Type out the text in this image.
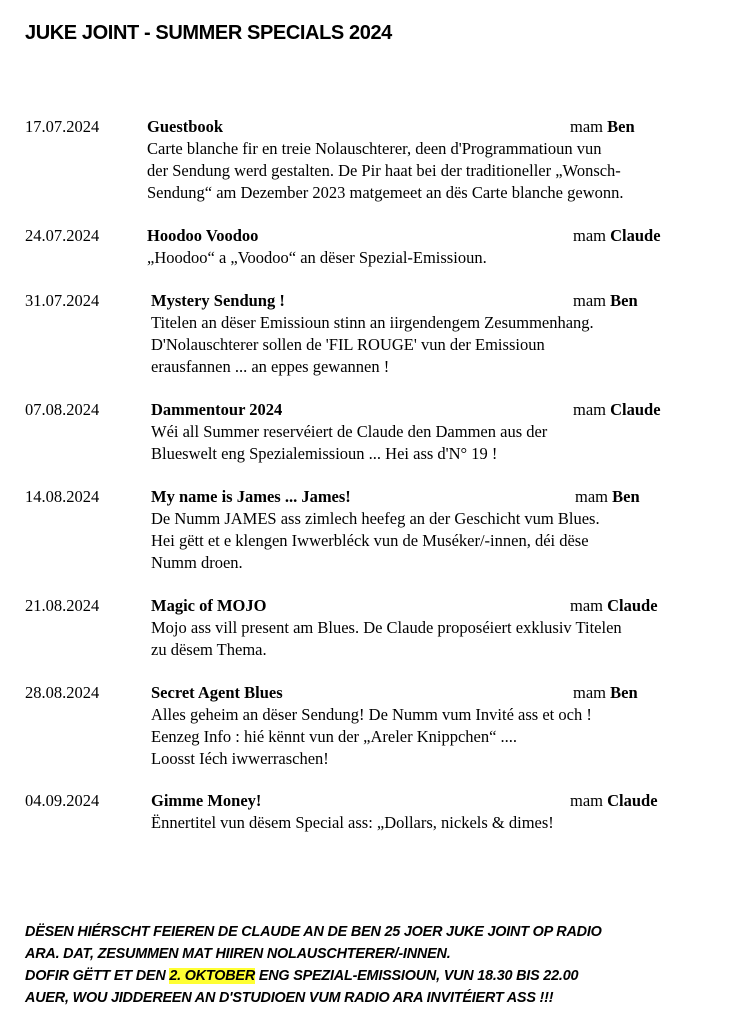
JUKE JOINT - SUMMER SPECIALS 2024
17.07.2024	Guestbook	mam Ben
Carte blanche fir en treie Nolauschterer, deen d'Programmatioun vun
der Sendung werd gestalten. De Pir haat bei der traditioneller „Wonsch-
Sendung“ am Dezember 2023 matgemeet an dës Carte blanche gewonn.
24.07.2024	Hoodoo Voodoo	mam Claude
„Hoodoo“ a „Voodoo“ an dëser Spezial-Emissioun.
31.07.2024	Mystery Sendung !	mam Ben
Titelen an dëser Emissioun stinn an iirgendengem Zesummenhang.
D'Nolauschterer sollen de 'FIL ROUGE' vun der Emissioun
erausfannen ... an eppes gewannen !
07.08.2024	Dammentour 2024	mam Claude
Wéi all Summer reservéiert de Claude den Dammen aus der
Blueswelt eng Spezialemissioun ... Hei ass d'N° 19 !
14.08.2024	My name is James ... James!	mam Ben
De Numm JAMES ass zimlech heefeg an der Geschicht vum Blues.
Hei gëtt et e klengen Iwwerbléck vun de Muséker/-innen, déi dëse
Numm droen.
21.08.2024	Magic of MOJO	mam Claude
Mojo ass vill present am Blues. De Claude proposéiert exklusiv Titelen
zu dësem Thema.
28.08.2024	Secret Agent Blues	mam Ben
Alles geheim an dëser Sendung! De Numm vum Invité ass et och !
Eenzeg Info : hié kënnt vun der „Areler Knippchen“ ....
Loosst Iéch iwwerraschen!
04.09.2024	Gimme Money!	mam Claude
Ënnertitel vun dësem Special ass: „Dollars, nickels & dimes!
DËSEN HIÉRSCHT FEIEREN DE CLAUDE AN DE BEN 25 JOER JUKE JOINT OP RADIO
ARA. DAT, ZESUMMEN MAT HIIREN NOLAUSCHTERER/-INNEN.
DOFIR GËTT ET DEN 2. OKTOBER ENG SPEZIAL-EMISSIOUN, VUN 18.30 BIS 22.00
AUER, WOU JIDDEREEN AN D'STUDIOEN VUM RADIO ARA INVITÉIERT ASS !!!
